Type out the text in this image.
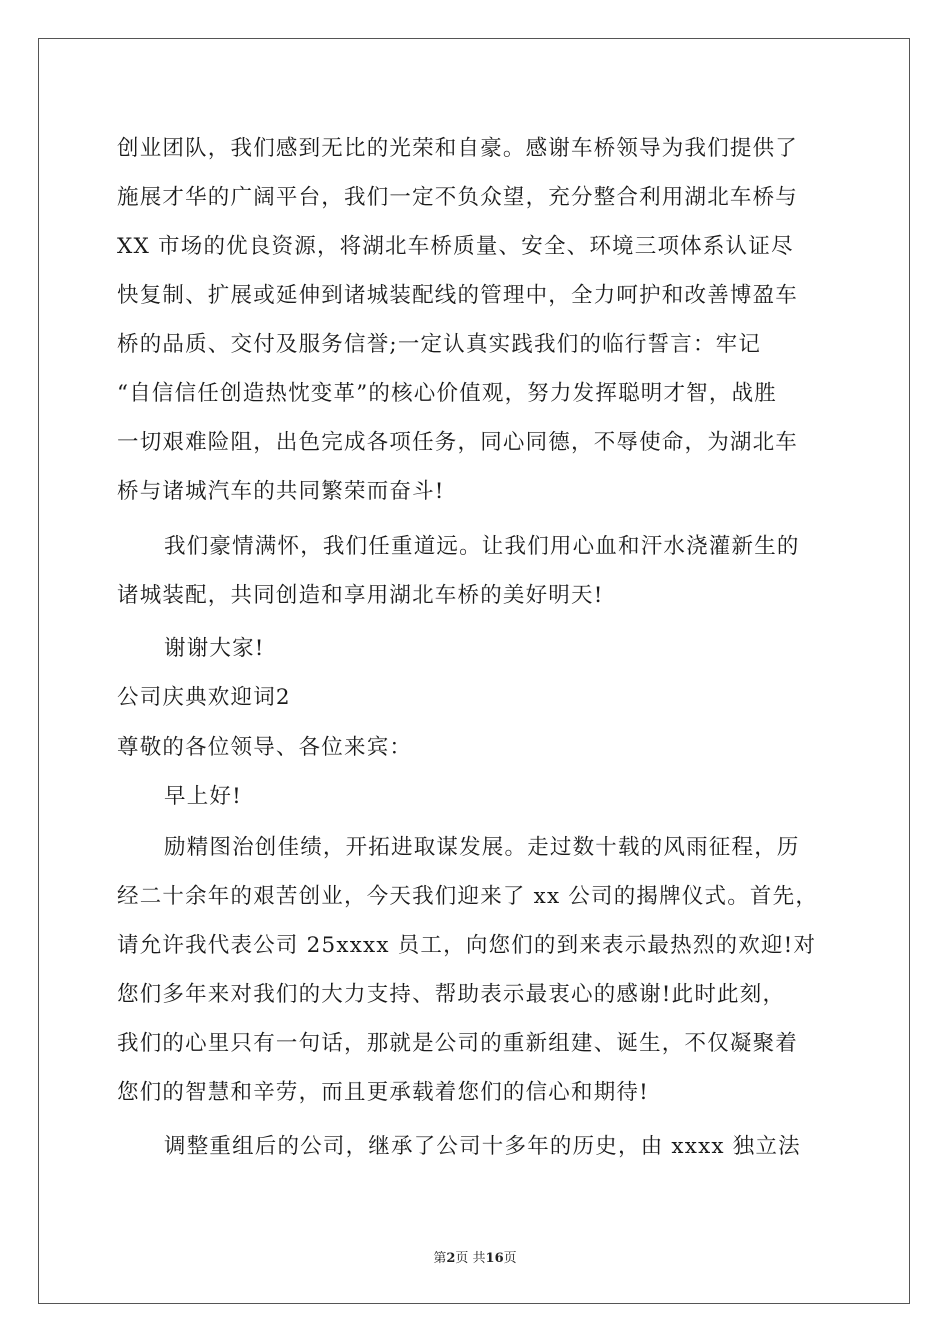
创业团队，我们感到无比的光荣和自豪。感谢车桥领导为我们提供了
施展才华的广阔平台，我们一定不负众望，充分整合利用湖北车桥与
XX 市场的优良资源，将湖北车桥质量、安全、环境三项体系认证尽
快复制、扩展或延伸到诸城装配线的管理中，全力呵护和改善博盈车
桥的品质、交付及服务信誉;一定认真实践我们的临行誓言：牢记
“自信信任创造热忱变革”的核心价值观，努力发挥聪明才智，战胜
一切艰难险阻，出色完成各项任务，同心同德，不辱使命，为湖北车
桥与诸城汽车的共同繁荣而奋斗!
我们豪情满怀，我们任重道远。让我们用心血和汗水浇灌新生的
诸城装配，共同创造和享用湖北车桥的美好明天!
谢谢大家!
公司庆典欢迎词2
尊敬的各位领导、各位来宾：
早上好!
励精图治创佳绩，开拓进取谋发展。走过数十载的风雨征程，历
经二十余年的艰苦创业，今天我们迎来了 xx 公司的揭牌仪式。首先，
请允许我代表公司 25xxxx 员工，向您们的到来表示最热烈的欢迎!对
您们多年来对我们的大力支持、帮助表示最衷心的感谢!此时此刻，
我们的心里只有一句话，那就是公司的重新组建、诞生，不仅凝聚着
您们的智慧和辛劳，而且更承载着您们的信心和期待!
调整重组后的公司，继承了公司十多年的历史，由 xxxx 独立法
第2页 共16页
